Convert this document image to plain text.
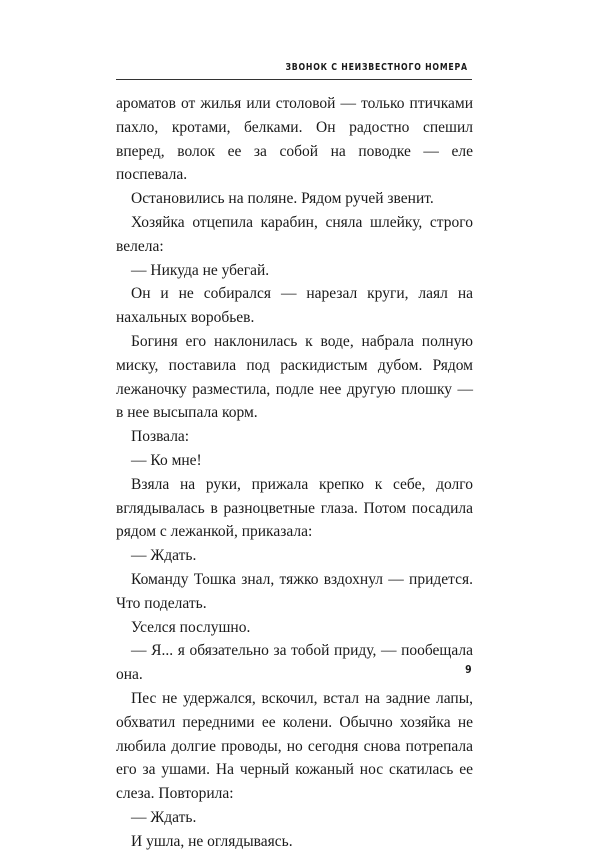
ЗВОНОК С НЕИЗВЕСТНОГО НОМЕРА

ароматов от жилья или столовой — только птичками пахло, кротами, белками. Он радостно спешил вперед, волок ее за собой на поводке — еле поспевала.

Остановились на поляне. Рядом ручей звенит.

Хозяйка отцепила карабин, сняла шлейку, строго велела:

— Никуда не убегай.

Он и не собирался — нарезал круги, лаял на нахальных воробьев.

Богиня его наклонилась к воде, набрала полную миску, поставила под раскидистым дубом. Рядом лежаночку разместила, подле нее другую плошку — в нее высыпала корм.

Позвала:

— Ко мне!

Взяла на руки, прижала крепко к себе, долго вглядывалась в разноцветные глаза. Потом посадила рядом с лежанкой, приказала:

— Ждать.

Команду Тошка знал, тяжко вздохнул — придется. Что поделать.

Уселся послушно.

— Я... я обязательно за тобой приду, — пообещала она.

Пес не удержался, вскочил, встал на задние лапы, обхватил передними ее колени. Обычно хозяйка не любила долгие проводы, но сегодня снова потрепала его за ушами. На черный кожаный нос скатилась ее слеза. Повторила:

— Ждать.

И ушла, не оглядываясь.

9
